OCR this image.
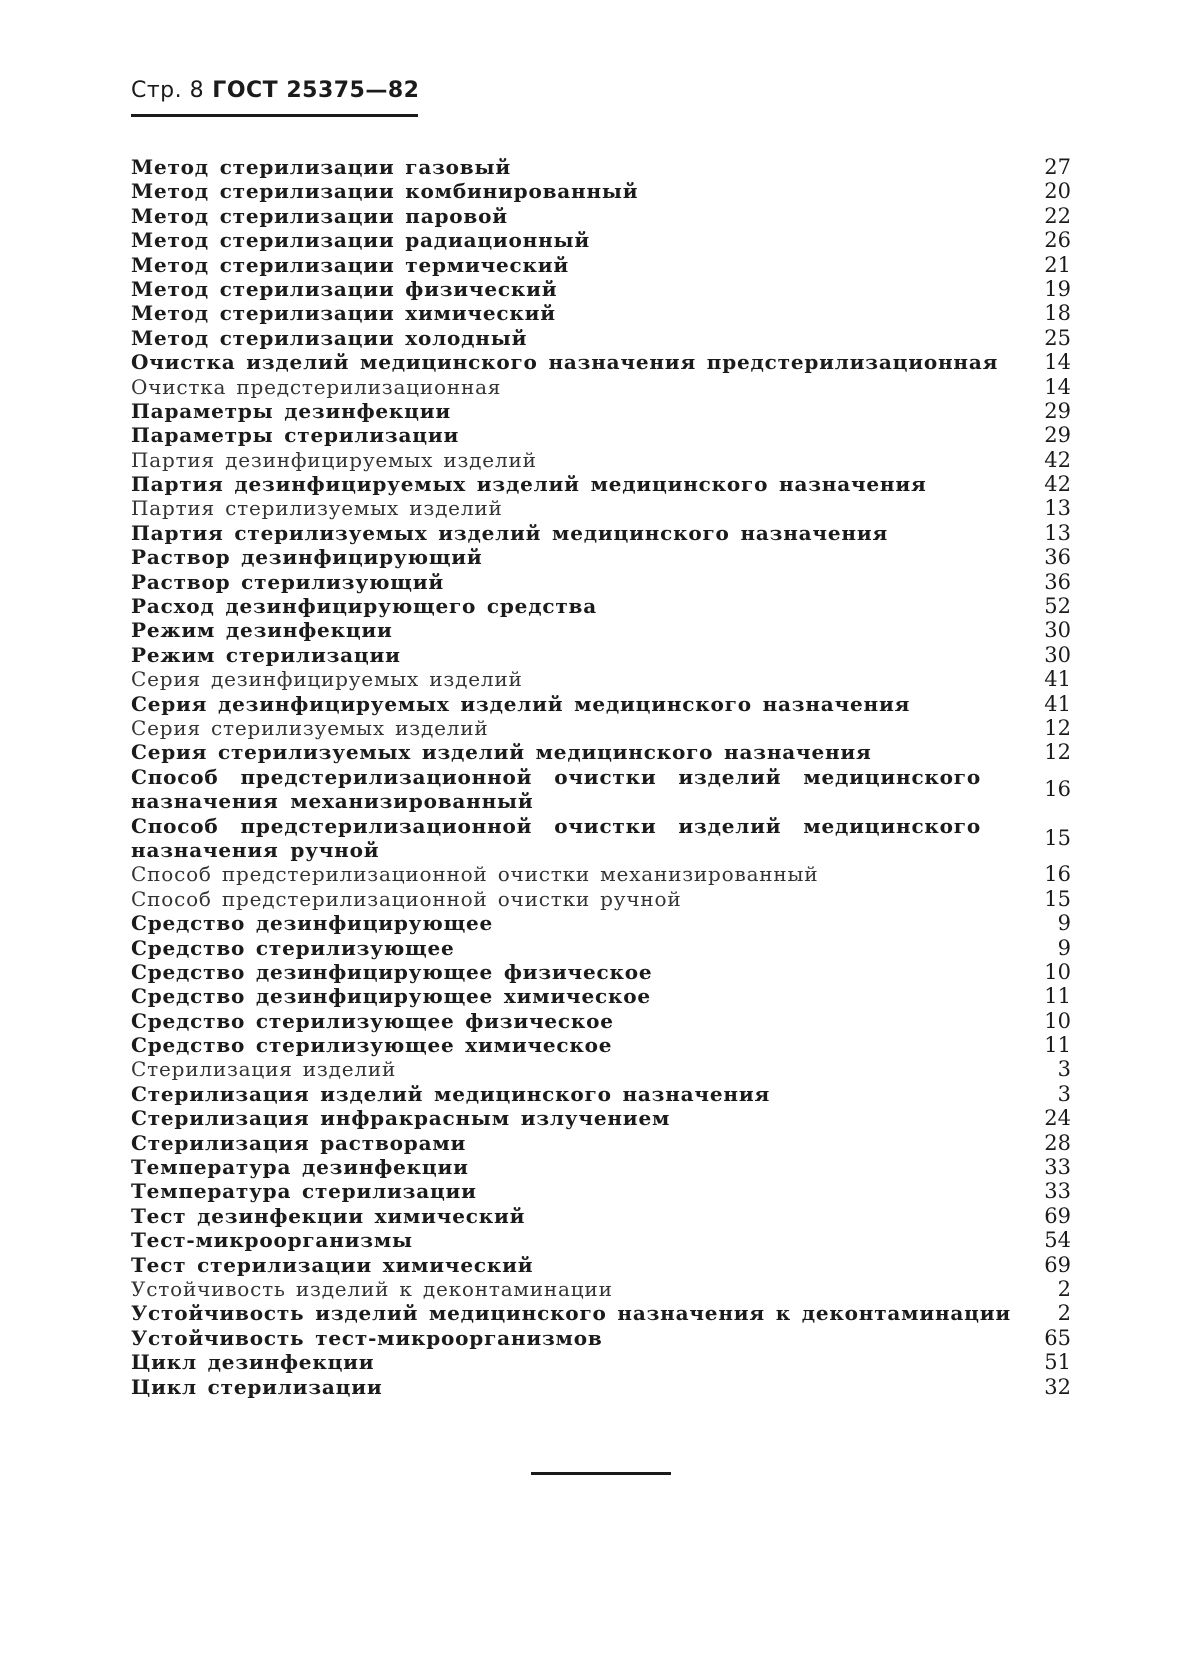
Стр. 8 ГОСТ 25375—82
Метод стерилизации газовый	27
Метод стерилизации комбинированный	20
Метод стерилизации паровой	22
Метод стерилизации радиационный	26
Метод стерилизации термический	21
Метод стерилизации физический	19
Метод стерилизации химический	18
Метод стерилизации холодный	25
Очистка изделий медицинского назначения предстерилизационная 14
Очистка предстерилизационная	14
Параметры дезинфекции	29
Параметры стерилизации	29
Партия дезинфицируемых изделий	42
Партия дезинфицируемых изделий медицинского назначения	42
Партия стерилизуемых изделий	13
Партия стерилизуемых изделий медицинского назначения	13
Раствор дезинфицирующий	36
Раствор стерилизующий	36
Расход дезинфицирующего средства	52
Режим дезинфекции	30
Режим стерилизации	30
Серия дезинфицируемых изделий	41
Серия дезинфицируемых изделий медицинского назначения	41
Серия стерилизуемых изделий	12
Серия стерилизуемых изделий медицинского назначения	12
Способ предстерилизационной очистки изделий медицинского назначения механизированный
16
Способ предстерилизационной очистки изделий медицинского назначения ручной
15
Способ предстерилизационной очистки механизированный	16
Способ предстерилизационной очистки ручной	15
Средство дезинфицирующее	9
Средство стерилизующее	9
Средство дезинфицирующее физическое	10
Средство дезинфицирующее химическое	11
Средство стерилизующее физическое	10
Средство стерилизующее химическое	11
Стерилизация изделий	3
Стерилизация изделий медицинского назначения	3
Стерилизация инфракрасным излучением	24
Стерилизация растворами	28
Температура дезинфекции	33
Температура стерилизации	33
Тест дезинфекции химический	69
Тест-микроорганизмы	54
Тест стерилизации химический	69
Устойчивость изделий к деконтаминации	2
Устойчивость изделий медицинского назначения к деконтаминации 2
Устойчивость тест-микроорганизмов	65
Цикл дезинфекции	51
Цикл стерилизации	32
